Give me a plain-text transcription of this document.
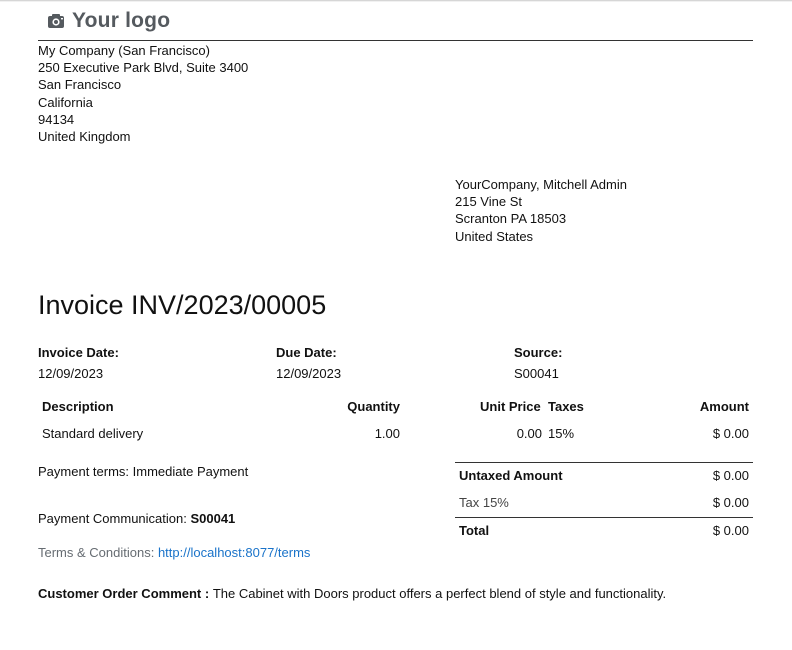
Your logo
My Company (San Francisco)
250 Executive Park Blvd, Suite 3400
San Francisco
California
94134
United Kingdom
YourCompany, Mitchell Admin
215 Vine St
Scranton PA 18503
United States
Invoice INV/2023/00005
Invoice Date:
12/09/2023
Due Date:
12/09/2023
Source:
S00041
Description	Quantity	Unit Price Taxes	Amount
Standard delivery	1.00	0.00 15%	$ 0.00
Payment terms: Immediate Payment
Payment Communication: S00041
Terms & Conditions: http://localhost:8077/terms
Untaxed Amount	$ 0.00
Tax 15%	$ 0.00
Total	$ 0.00
Customer Order Comment : The Cabinet with Doors product offers a perfect blend of style and functionality.
